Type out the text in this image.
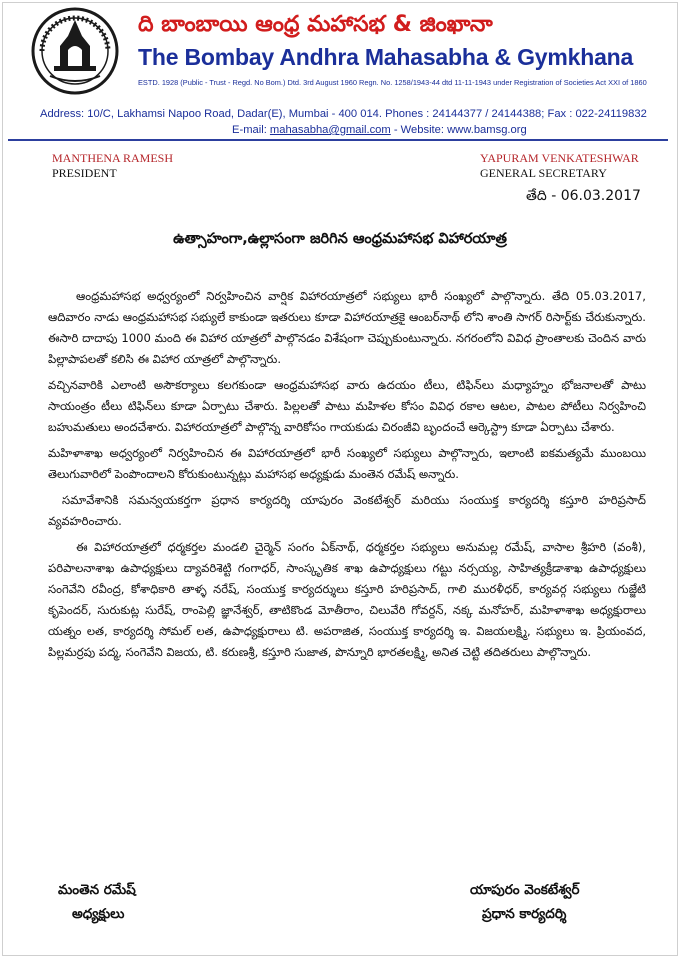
ది బాంబాయి ఆంధ్ర మహాసభ & జింఖానా
The Bombay Andhra Mahasabha & Gymkhana
ESTD. 1928 (Public - Trust - Regd. No Bom.) Dtd. 3rd August 1960 Regn. No. 1258/1943-44 dtd 11-11-1943 under Registration of Societies Act XXI of 1860
Address: 10/C, Lakhamsi Napoo Road, Dadar(E), Mumbai - 400 014. Phones : 24144377 / 24144388; Fax : 022-24119832
E-mail: mahasabha@gmail.com - Website: www.bamsg.org
MANTHENA RAMESH
PRESIDENT
YAPURAM VENKATESHWAR
GENERAL SECRETARY
తేది - 06.03.2017
ఉత్సాహంగా,ఉల్లాసంగా జరిగిన ఆంధ్రమహాసభ విహారయాత్ర

ఆంధ్రమహాసభ అధ్వర్యంలో నిర్వహించిన వార్షిక విహారయాత్రలో సభ్యులు భారీ సంఖ్యలో పాల్గొన్నారు. తేది 05.03.2017, ఆదివారం నాడు ఆంధ్రమహాసభ సభ్యులే కాకుండా ఇతరులు కూడా విహారయాత్రకై ఆంబర్‌నాథ్ లోని శాంతి సాగర్ రిసార్ట్‌కు చేరుకున్నారు. ఈసారి దాదాపు 1000 మంది ఈ విహార యాత్రలో పాల్గొనడం విశేషంగా చెప్పుకుంటున్నారు. నగరంలోని వివిధ ప్రాంతాలకు చెందిన వారు పిల్లాపాపలతో కలిసి ఈ విహార యాత్రలో పాల్గొన్నారు.

వచ్చినవారికి ఎలాంటి అసౌకర్యాలు కలగకుండా ఆంధ్రమహాసభ వారు ఉదయం టీలు, టిఫిన్‌లు మధ్యాహ్నం భోజనాలతో పాటు సాయంత్రం టీలు టిఫిన్‌లు కూడా ఏర్పాటు చేశారు. పిల్లలతో పాటు మహిళల కోసం వివిధ రకాల ఆటల, పాటల పోటీలు నిర్వహించి బహుమతులు అందచేశారు. విహారయాత్రలో పాల్గొన్న వారికోసం గాయకుడు చిరంజీవి బృందంచే ఆర్కెస్ట్రా కూడా ఏర్పాటు చేశారు.

మహిళాశాఖ అధ్వర్యంలో నిర్వహించిన ఈ విహారయాత్రలో భారీ సంఖ్యలో సభ్యులు పాల్గొన్నారు, ఇలాంటి ఐకమత్యమే ముంబయి తెలుగువారిలో పెంపొందాలని కోరుకుంటున్నట్లు మహాసభ అధ్యక్షుడు మంతెన రమేష్ అన్నారు.

సమావేశానికి సమన్వయకర్తగా ప్రధాన కార్యదర్శి యాపురం వెంకటేశ్వర్ మరియు సంయుక్త కార్యదర్శి కస్తూరి హరిప్రసాద్ వ్యవహరించారు.

ఈ విహారయాత్రలో ధర్మకర్తల మండలి చైర్మెన్ సంగం ఏక్‌నాథ్, ధర్మకర్తల సభ్యులు అనుమల్ల రమేష్, వాసాల శ్రీహరి (వంశీ), పరిపాలనాశాఖ ఉపాధ్యక్షులు ద్యావరిశెట్టి గంగాధర్, సాంస్కృతిక శాఖ ఉపాధ్యక్షులు గట్టు నర్సయ్య, సాహిత్యక్రీడాశాఖ ఉపాధ్యక్షులు సంగెవేని రవీంద్ర, కోశాధికారి తాళ్ళ నరేష్, సంయుక్త కార్యదర్శులు కస్తూరి హరిప్రసాద్, గాలి మురళీధర్, కార్యవర్గ సభ్యులు గుజ్జేటి కృపెందర్, సురుకుట్ల సురేష్, రాంపెల్లి జ్ఞానేశ్వర్, తాటికొండ మోతీరాం, చిలువేరి గోవర్దన్, నక్క మనోహర్, మహిళాశాఖ అధ్యక్షురాలు యత్నం లత, కార్యదర్శి సోమల్ లత, ఉపాధ్యక్షురాలు టి. అపరాజిత, సంయుక్త కార్యదర్శి ఇ. విజయలక్ష్మి, సభ్యులు ఇ. ప్రియంవద, పిల్లమర్రపు పద్మ, సంగెవేని విజయ, టి. కరుణశ్రీ, కస్తూరి సుజాత, పొన్నూరి భారతలక్ష్మి, అనిత చెట్టి తదితరులు పాల్గొన్నారు.

మంతెన రమేష్
అధ్యక్షులు
యాపురం వెంకటేశ్వర్
ప్రధాన కార్యదర్శి
